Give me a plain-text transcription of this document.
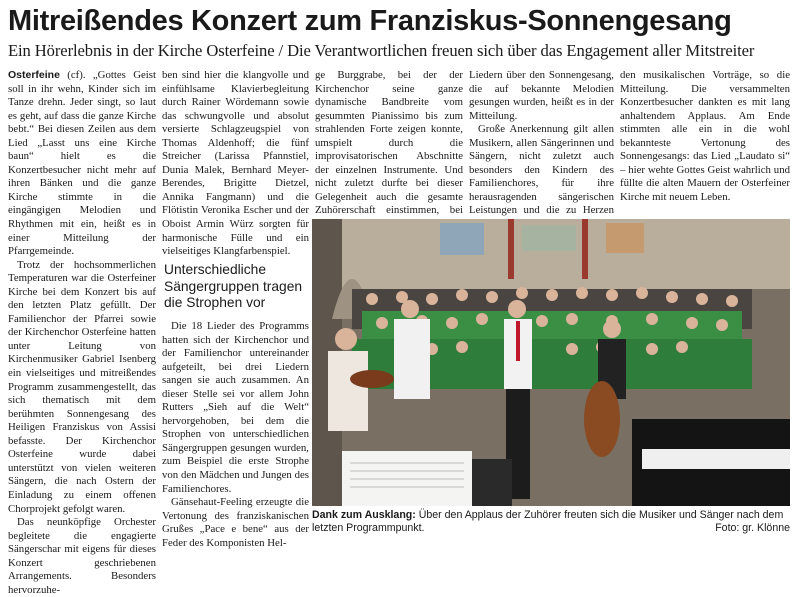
Mitreißendes Konzert zum Franziskus-Sonnengesang
Ein Hörerlebnis in der Kirche Osterfeine / Die Verantwortlichen freuen sich über das Engagement aller Mitstreiter

Osterfeine (cf). „Gottes Geist soll in ihr wehn, Kinder sich im Tanze drehn. Jeder singt, so laut es geht, auf dass die ganze Kirche bebt.“ Bei diesen Zeilen aus dem Lied „Lasst uns eine Kirche baun“ hielt es die Konzertbesucher nicht mehr auf ihren Bänken und die ganze Kirche stimmte in die eingängigen Melodien und Rhythmen mit ein, heißt es in einer Mitteilung der Pfarrgemeinde.

Trotz der hochsommerlichen Temperaturen war die Osterfeiner Kirche bei dem Konzert bis auf den letzten Platz gefüllt. Der Familienchor der Pfarrei sowie der Kirchenchor Osterfeine hatten unter Leitung von Kirchenmusiker Gabriel Isenberg ein vielseitiges und mitreißendes Programm zusammengestellt, das sich thematisch mit dem berühmten Sonnengesang des Heiligen Franziskus von Assisi befasste. Der Kirchenchor Osterfeine wurde dabei unterstützt von vielen weiteren Sängern, die nach Ostern der Einladung zu einem offenen Chorprojekt gefolgt waren.

Das neunköpfige Orchester begleitete die engagierte Sängerschar mit eigens für dieses Konzert geschriebenen Arrangements. Besonders hervorzuhe-

ben sind hier die klangvolle und einfühlsame Klavierbegleitung durch Rainer Wördemann sowie das schwungvolle und absolut versierte Schlagzeugspiel von Thomas Aldenhoff; die fünf Streicher (Larissa Pfannstiel, Dunia Malek, Bernhard Meyer-Berendes, Brigitte Dietzel, Annika Fangmann) und die Flötistin Veronika Escher und der Oboist Armin Würz sorgten für harmonische Fülle und ein vielseitiges Klangfarbenspiel.

Unterschiedliche Sängergruppen tragen die Strophen vor

Die 18 Lieder des Programms hatten sich der Kirchenchor und der Familienchor untereinander aufgeteilt, bei drei Liedern sangen sie auch zusammen. An dieser Stelle sei vor allem John Rutters „Sieh auf die Welt“ hervorgehoben, bei dem die Strophen von unterschiedlichen Sängergruppen gesungen wurden, zum Beispiel die erste Strophe von den Mädchen und Jungen des Familienchores.

Gänsehaut-Feeling erzeugte die Vertonung des franziskanischen Grußes „Pace e bene“ aus der Feder des Komponisten Hel-

ge Burggrabe, bei der der Kirchenchor seine ganze dynamische Bandbreite vom gesummten Pianissimo bis zum strahlenden Forte zeigen konnte, umspielt durch die improvisatorischen Abschnitte der einzelnen Instrumente. Und nicht zuletzt durfte bei dieser Gelegenheit auch die gesamte Zuhörerschaft einstimmen, bei

Liedern über den Sonnengesang, die auf bekannte Melodien gesungen wurden, heißt es in der Mitteilung.

Große Anerkennung gilt allen Musikern, allen Sängerinnen und Sängern, nicht zuletzt auch besonders den Kindern des Familienchores, für ihre herausragenden sängerischen Leistungen und die zu Herzen

den musikalischen Vorträge, so die Mitteilung. Die versammelten Konzertbesucher dankten es mit lang anhaltendem Applaus. Am Ende stimmten alle ein in die wohl bekannteste Vertonung des Sonnengesangs: das Lied „Laudato si“ – hier wehte Gottes Geist wahrlich und füllte die alten Mauern der Osterfeiner Kirche mit neuem Leben.

Dank zum Ausklang: Über den Applaus der Zuhörer freuten sich die Musiker und Sänger nach dem letzten Programmpunkt.	Foto: gr. Klönne
